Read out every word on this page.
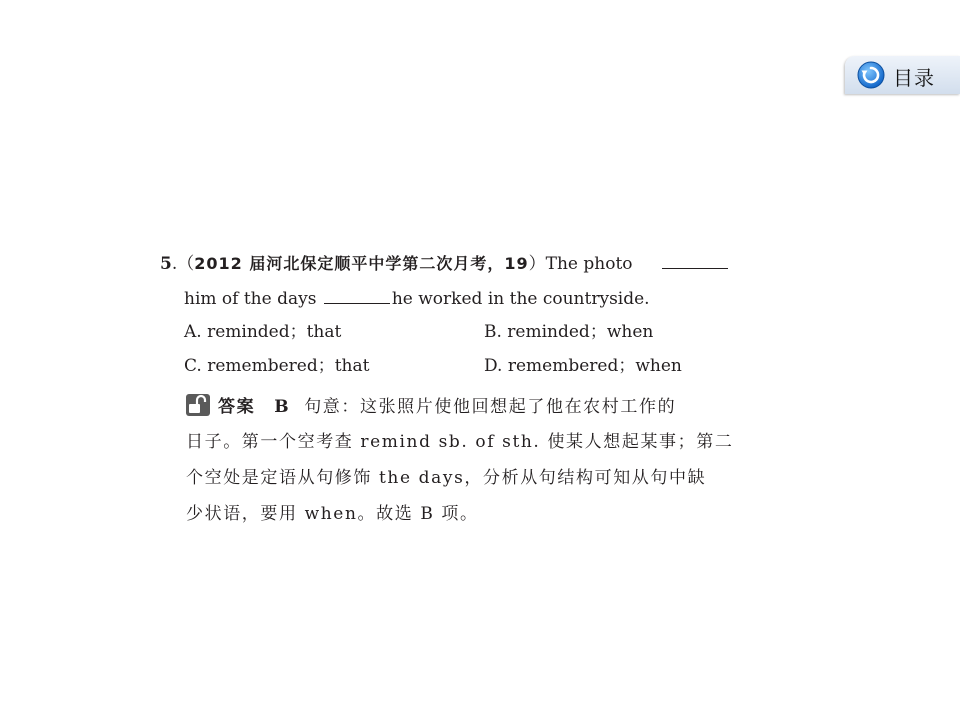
目录
5.（2012 届河北保定顺平中学第二次月考，19）The photo
him of the days	he worked in the countryside.
A. reminded；that	B. reminded；when
C. remembered；that	D. remembered；when
答案 B 句意：这张照片使他回想起了他在农村工作的
日子。第一个空考查 remind sb. of sth. 使某人想起某事；第二
个空处是定语从句修饰 the days，分析从句结构可知从句中缺
少状语，要用 when。故选 B 项。
